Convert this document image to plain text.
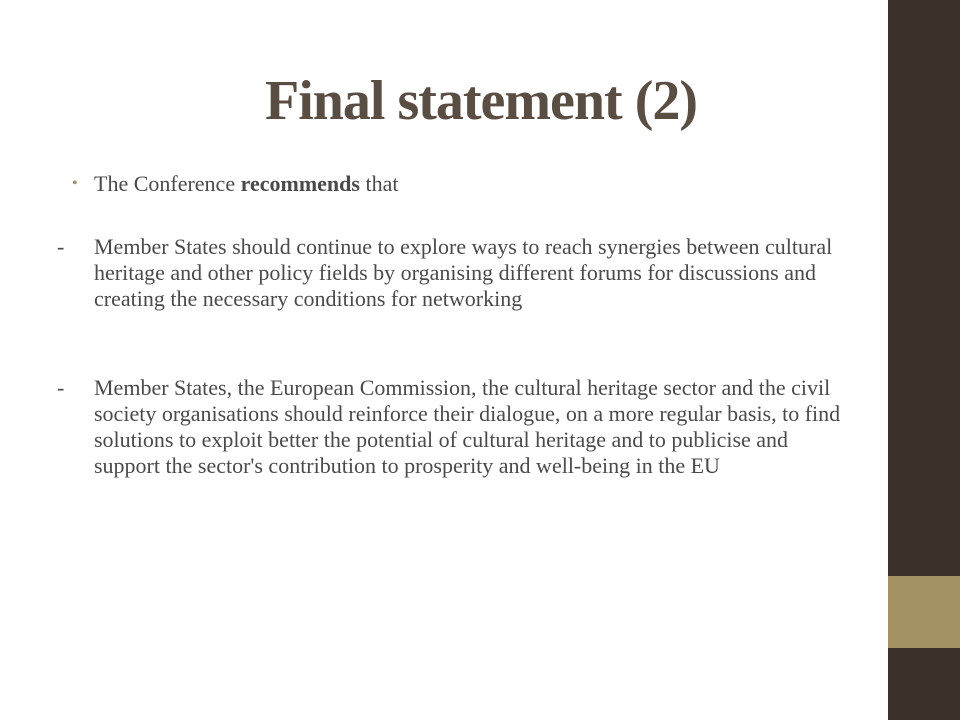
Final statement (2)
• The Conference recommends that
- Member States should continue to explore ways to reach synergies between cultural heritage and other policy fields by organising different forums for discussions and creating the necessary conditions for networking

- Member States, the European Commission, the cultural heritage sector and the civil society organisations should reinforce their dialogue, on a more regular basis, to find solutions to exploit better the potential of cultural heritage and to publicise and support the sector's contribution to prosperity and well-being in the EU
